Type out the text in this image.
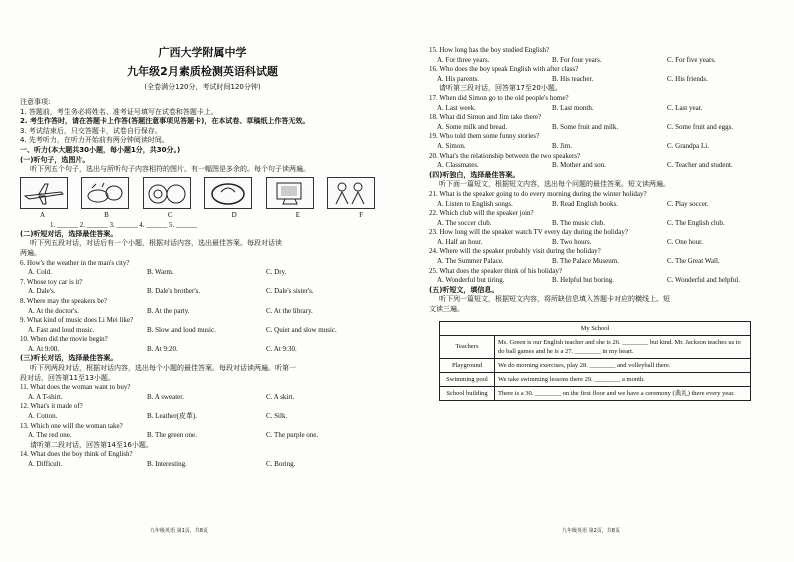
广西大学附属中学
九年级2月素质检测英语科试题
(全卷满分120分，考试时间120分钟)
注意事项:
1. 答题前，考生务必将姓名、准考证号填写在试卷和答题卡上。
2. 考生作答时，请在答题卡上作答(答题注意事项见答题卡)，在本试卷、草稿纸上作答无效。
3. 考试结束后，只交答题卡，试卷自行保存。
4. 先考听力，在听力开始前有两分钟阅读时间。
一、听力(本大题共30小题，每小题1分，共30分。)
(一)听句子，选图片。
听下列五个句子，选出与所听句子内容相符的图片。有一幅图是多余的。每个句子读两遍。
A	B	C	D	E	F
1. ______ 2. ______ 3. ______ 4. ______ 5. ______
(二)听短对话，选择最佳答案。
听下列五段对话，对话后有一个小题，根据对话内容，选出最佳答案。每段对话读
两遍。
6. How's the weather in the man's city?
A. Cold.	B. Warm.	C. Dry.
7. Whose toy car is it?
A. Dale's.	B. Dale's brother's.	C. Dale's sister's.
8. Where may the speakers be?
A. At the doctor's.	B. At the party.	C. At the library.
9. What kind of music does Li Mei like?
A. Fast and loud music.	B. Slow and loud music.	C. Quiet and slow music.
10. When did the movie begin?
A. At 9:00.	B. At 9:20.	C. At 9:30.
(三)听长对话，选择最佳答案。
听下列两段对话，根据对话内容，选出每个小题的最佳答案。每段对话读两遍。听第一
段对话，回答第11至13小题。
11. What does the woman want to buy?
A. A T-shirt.	B. A sweater.	C. A skirt.
12. What's it made of?
A. Cotton.	B. Leather(皮革).	C. Silk.
13. Which one will the woman take?
A. The red one.	B. The green one.	C. The purple one.
请听第二段对话，回答第14至16小题。
14. What does the boy think of English?
A. Difficult.	B. Interesting.	C. Boring.
九年级英语 第1页，共8页
15. How long has the boy studied English?
A. For three years.	B. For four years.	C. For five years.
16. Who does the boy speak English with after class?
A. His parents.	B. His teacher.	C. His friends.
请听第三段对话，回答第17至20小题。
17. When did Simon go to the old people's home?
A. Last week.	B. Last month.	C. Last year.
18. What did Simon and Jim take there?
A. Some milk and bread.	B. Some fruit and milk.	C. Some fruit and eggs.
19. Who told them some funny stories?
A. Simon.	B. Jim.	C. Grandpa Li.
20. What's the relationship between the two speakers?
A. Classmates.	B. Mother and son.	C. Teacher and student.
(四)听独白，选择最佳答案。
听下面一篇短文，根据短文内容，选出每个问题的最佳答案。短文读两遍。
21. What is the speaker going to do every morning during the winter holiday?
A. Listen to English songs.	B. Read English books.	C. Play soccer.
22. Which club will the speaker join?
A. The soccer club.	B. The music club.	C. The English club.
23. How long will the speaker watch TV every day during the holiday?
A. Half an hour.	B. Two hours.	C. One hour.
24. Where will the speaker probably visit during the holiday?
A. The Summer Palace.	B. The Palace Museum.	C. The Great Wall.
25. What does the speaker think of his holiday?
A. Wonderful but tiring.	B. Helpful but boring.	C. Wonderful and helpful.
(五)听短文，填信息。
听下列一篇短文，根据短文内容，将所缺信息填入答题卡对应的横线上。短
文读三遍。
My School	
Teachers	Ms. Green is our English teacher and she is 26. ________ but kind. Mr. Jackson teaches us to do ball games and he is a 27. ________ in my heart.
Playground	We do morning exercises, play 28. ________ and volleyball there.
Swimming pool	We take swimming lessons there 29. ________ a month.
School building	There is a 30. ________ on the first floor and we have a ceremony (典礼) there every year.
九年级英语 第2页，共8页
